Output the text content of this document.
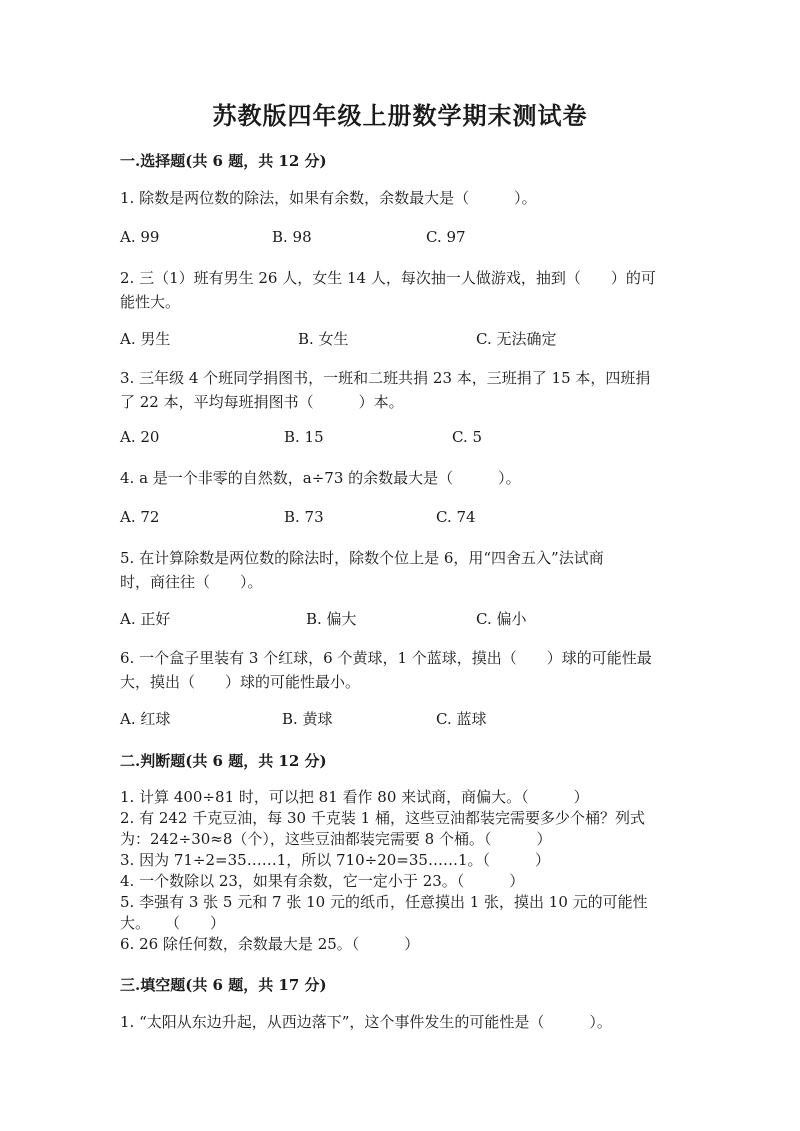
苏教版四年级上册数学期末测试卷
一.选择题(共 6 题，共 12 分)
1. 除数是两位数的除法，如果有余数，余数最大是（　　　）。
A. 99	B. 98	C. 97
2. 三（1）班有男生 26 人，女生 14 人，每次抽一人做游戏，抽到（　　）的可
能性大。
A. 男生	B. 女生	C. 无法确定
3. 三年级 4 个班同学捐图书，一班和二班共捐 23 本，三班捐了 15 本，四班捐
了 22 本，平均每班捐图书（　　　）本。
A. 20	B. 15	C. 5
4. a 是一个非零的自然数，a÷73 的余数最大是（　　　）。
A. 72	B. 73	C. 74
5. 在计算除数是两位数的除法时，除数个位上是 6，用“四舍五入”法试商
时，商往往（　　）。
A. 正好	B. 偏大	C. 偏小
6. 一个盒子里装有 3 个红球，6 个黄球，1 个蓝球，摸出（　　）球的可能性最
大，摸出（　　）球的可能性最小。
A. 红球	B. 黄球	C. 蓝球
二.判断题(共 6 题，共 12 分)
1. 计算 400÷81 时，可以把 81 看作 80 来试商，商偏大。（　　　）
2. 有 242 千克豆油，每 30 千克装 1 桶，这些豆油都装完需要多少个桶？列式
为：242÷30≈8（个），这些豆油都装完需要 8 个桶。（　　　）
3. 因为 71÷2=35……1，所以 710÷20=35……1。（　　　）
4. 一个数除以 23，如果有余数，它一定小于 23。（　　　）
5. 李强有 3 张 5 元和 7 张 10 元的纸币，任意摸出 1 张，摸出 10 元的可能性
大。　　（　　）
6. 26 除任何数，余数最大是 25。（　　　）
三.填空题(共 6 题，共 17 分)
1. “太阳从东边升起，从西边落下”，这个事件发生的可能性是（　　　）。
